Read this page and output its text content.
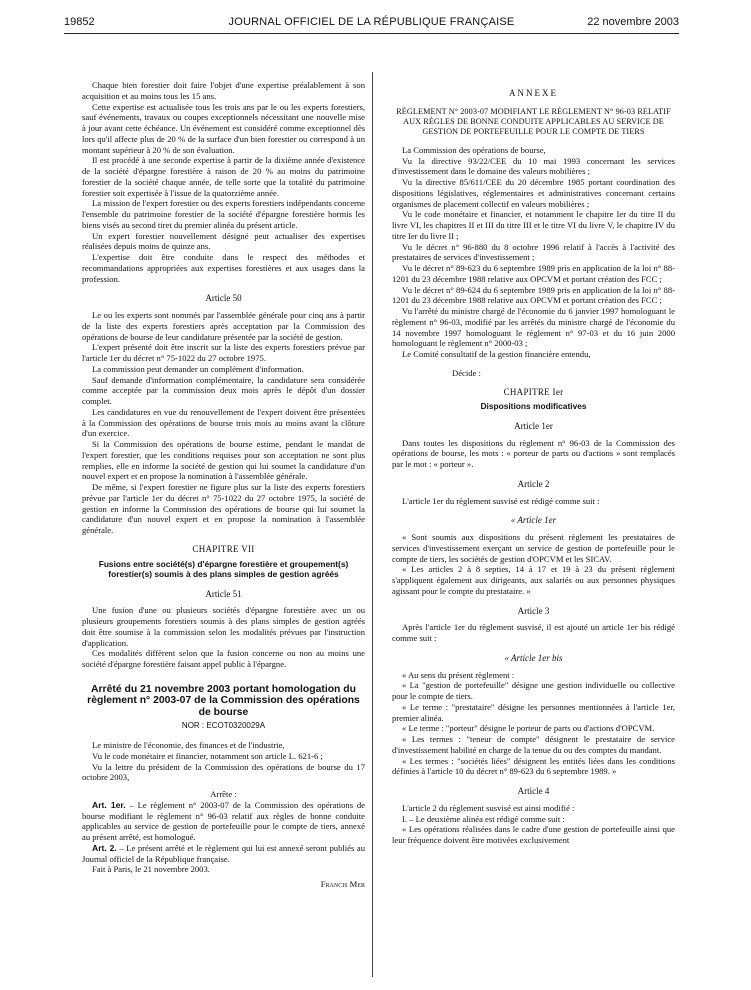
19852	JOURNAL OFFICIEL DE LA RÉPUBLIQUE FRANÇAISE	22 novembre 2003

Chaque bien forestier doit faire l'objet d'une expertise préalablement à son acquisition et au moins tous les 15 ans.

Cette expertise est actualisée tous les trois ans par le ou les experts forestiers, sauf événements, travaux ou coupes exceptionnels nécessitant une nouvelle mise à jour avant cette échéance. Un événement est considéré comme exceptionnel dès lors qu'il affecte plus de 20 % de la surface d'un bien forestier ou correspond à un montant supérieur à 20 % de son évaluation.

Il est procédé à une seconde expertise à partir de la dixième année d'existence de la société d'épargne forestière à raison de 20 % au moins du patrimoine forestier de la société chaque année, de telle sorte que la totalité du patrimoine forestier soit expertisée à l'issue de la quatorzième année.

La mission de l'expert forestier ou des experts forestiers indépendants concerne l'ensemble du patrimoine forestier de la société d'épargne forestière hormis les biens visés au second tiret du premier alinéa du présent article.

Un expert forestier nouvellement désigné peut actualiser des expertises réalisées depuis moins de quinze ans.

L'expertise doit être conduite dans le respect des méthodes et recommandations appropriées aux expertises forestières et aux usages dans la profession.

Article 50

Le ou les experts sont nommés par l'assemblée générale pour cinq ans à partir de la liste des experts forestiers après acceptation par la Commission des opérations de bourse de leur candidature présentée par la société de gestion.

L'expert présenté doit être inscrit sur la liste des experts forestiers prévue par l'article 1er du décret n° 75-1022 du 27 octobre 1975.

La commission peut demander un complément d'information.

Sauf demande d'information complémentaire, la candidature sera considérée comme acceptée par la commission deux mois après le dépôt d'un dossier complet.

Les candidatures en vue du renouvellement de l'expert doivent être présentées à la Commission des opérations de bourse trois mois au moins avant la clôture d'un exercice.

Si la Commission des opérations de bourse estime, pendant le mandat de l'expert forestier, que les conditions requises pour son acceptation ne sont plus remplies, elle en informe la société de gestion qui lui soumet la candidature d'un nouvel expert et en propose la nomination à l'assemblée générale.

De même, si l'expert forestier ne figure plus sur la liste des experts forestiers prévue par l'article 1er du décret n° 75-1022 du 27 octobre 1975, la société de gestion en informe la Commission des opérations de bourse qui lui soumet la candidature d'un nouvel expert et en propose la nomination à l'assemblée générale.

CHAPITRE VII
Fusions entre société(s) d'épargne forestière et groupement(s) forestier(s) soumis à des plans simples de gestion agréés
Article 51

Une fusion d'une ou plusieurs sociétés d'épargne forestière avec un ou plusieurs groupements forestiers soumis à des plans simples de gestion agréés doit être soumise à la commission selon les modalités prévues par l'instruction d'application.

Ces modalités diffèrent selon que la fusion concerne ou non au moins une société d'épargne forestière faisant appel public à l'épargne.

Arrêté du 21 novembre 2003 portant homologation du règlement n° 2003-07 de la Commission des opérations de bourse
NOR : ECOT0320029A

Le ministre de l'économie, des finances et de l'industrie,

Vu le code monétaire et financier, notamment son article L. 621-6 ;

Vu la lettre du président de la Commission des opérations de bourse du 17 octobre 2003,

Arrête :

Art. 1er. – Le règlement n° 2003-07 de la Commission des opérations de bourse modifiant le règlement n° 96-03 relatif aux règles de bonne conduite applicables au service de gestion de portefeuille pour le compte de tiers, annexé au présent arrêté, est homologué.

Art. 2. – Le présent arrêté et le règlement qui lui est annexé seront publiés au Journal officiel de la République française.

Fait à Paris, le 21 novembre 2003.

Francis Mer
ANNEXE
RÈGLEMENT N° 2003-07 MODIFIANT LE RÈGLEMENT N° 96-03 RELATIF AUX RÈGLES DE BONNE CONDUITE APPLICABLES AU SERVICE DE GESTION DE PORTEFEUILLE POUR LE COMPTE DE TIERS

La Commission des opérations de bourse,

Vu la directive 93/22/CEE du 10 mai 1993 concernant les services d'investissement dans le domaine des valeurs mobilières ;

Vu la directive 85/611/CEE du 20 décembre 1985 portant coordination des dispositions législatives, réglementaires et administratives concernant certains organismes de placement collectif en valeurs mobilières ;

Vu le code monétaire et financier, et notamment le chapitre Ier du titre II du livre VI, les chapitres II et III du titre III et le titre VI du livre V, le chapitre IV du titre Ier du livre II ;

Vu le décret n° 96-880 du 8 octobre 1996 relatif à l'accès à l'activité des prestataires de services d'investissement ;

Vu le décret n° 89-623 du 6 septembre 1989 pris en application de la loi n° 88-1201 du 23 décembre 1988 relative aux OPCVM et portant création des FCC ;

Vu le décret n° 89-624 du 6 septembre 1989 pris en application de la loi n° 88-1201 du 23 décembre 1988 relative aux OPCVM et portant création des FCC ;

Vu l'arrêté du ministre chargé de l'économie du 6 janvier 1997 homologuant le règlement n° 96-03, modifié par les arrêtés du ministre chargé de l'économie du 14 novembre 1997 homologuant le règlement n° 97-03 et du 16 juin 2000 homologuant le règlement n° 2000-03 ;

Le Comité consultatif de la gestion financière entendu,

Décide :
CHAPITRE Ier
Dispositions modificatives
Article 1er

Dans toutes les dispositions du règlement n° 96-03 de la Commission des opérations de bourse, les mots : « porteur de parts ou d'actions » sont remplacés par le mot : « porteur ».

Article 2

L'article 1er du règlement susvisé est rédigé comme suit :

« Article 1er

« Sont soumis aux dispositions du présent règlement les prestataires de services d'investissement exerçant un service de gestion de portefeuille pour le compte de tiers, les sociétés de gestion d'OPCVM et les SICAV.

« Les articles 2 à 8 septies, 14 à 17 et 19 à 23 du présent règlement s'appliquent également aux dirigeants, aux salariés ou aux personnes physiques agissant pour le compte du prestataire. »

Article 3

Après l'article 1er du règlement susvisé, il est ajouté un article 1er bis rédigé comme suit :

« Article 1er bis

« Au sens du présent règlement :

« La "gestion de portefeuille" désigne une gestion individuelle ou collective pour le compte de tiers.

« Le terme : "prestataire" désigne les personnes mentionnées à l'article 1er, premier alinéa.

« Le terme : "porteur" désigne le porteur de parts ou d'actions d'OPCVM.

« Les termes : "teneur de compte" désignent le prestataire de service d'investissement habilité en charge de la tenue du ou des comptes du mandant.

« Les termes : "sociétés liées" désignent les entités liées dans les conditions définies à l'article 10 du décret n° 89-623 du 6 septembre 1989. »

Article 4

L'article 2 du règlement susvisé est ainsi modifié :

I. – Le deuxième alinéa est rédigé comme suit :

« Les opérations réalisées dans le cadre d'une gestion de portefeuille ainsi que leur fréquence doivent être motivées exclusivement
